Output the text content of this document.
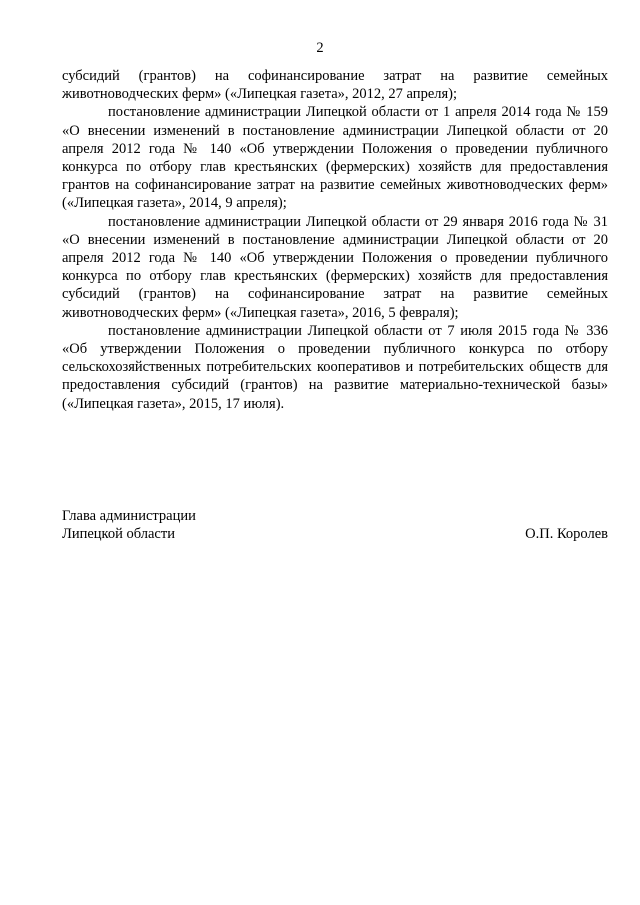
2

субсидий (грантов) на софинансирование затрат на развитие семейных животноводческих ферм» («Липецкая газета», 2012, 27 апреля);

постановление администрации Липецкой области от 1 апреля 2014 года № 159 «О внесении изменений в постановление администрации Липецкой области от 20 апреля 2012 года № 140 «Об утверждении Положения о проведении публичного конкурса по отбору глав крестьянских (фермерских) хозяйств для предоставления грантов на софинансирование затрат на развитие семейных животноводческих ферм» («Липецкая газета», 2014, 9 апреля);

постановление администрации Липецкой области от 29 января 2016 года № 31 «О внесении изменений в постановление администрации Липецкой области от 20 апреля 2012 года № 140 «Об утверждении Положения о проведении публичного конкурса по отбору глав крестьянских (фермерских) хозяйств для предоставления субсидий (грантов) на софинансирование затрат на развитие семейных животноводческих ферм» («Липецкая газета», 2016, 5 февраля);

постановление администрации Липецкой области от 7 июля 2015 года № 336 «Об утверждении Положения о проведении публичного конкурса по отбору сельскохозяйственных потребительских кооперативов и потребительских обществ для предоставления субсидий (грантов) на развитие материально-технической базы» («Липецкая газета», 2015, 17 июля).

Глава администрации
Липецкой области	О.П. Королев
